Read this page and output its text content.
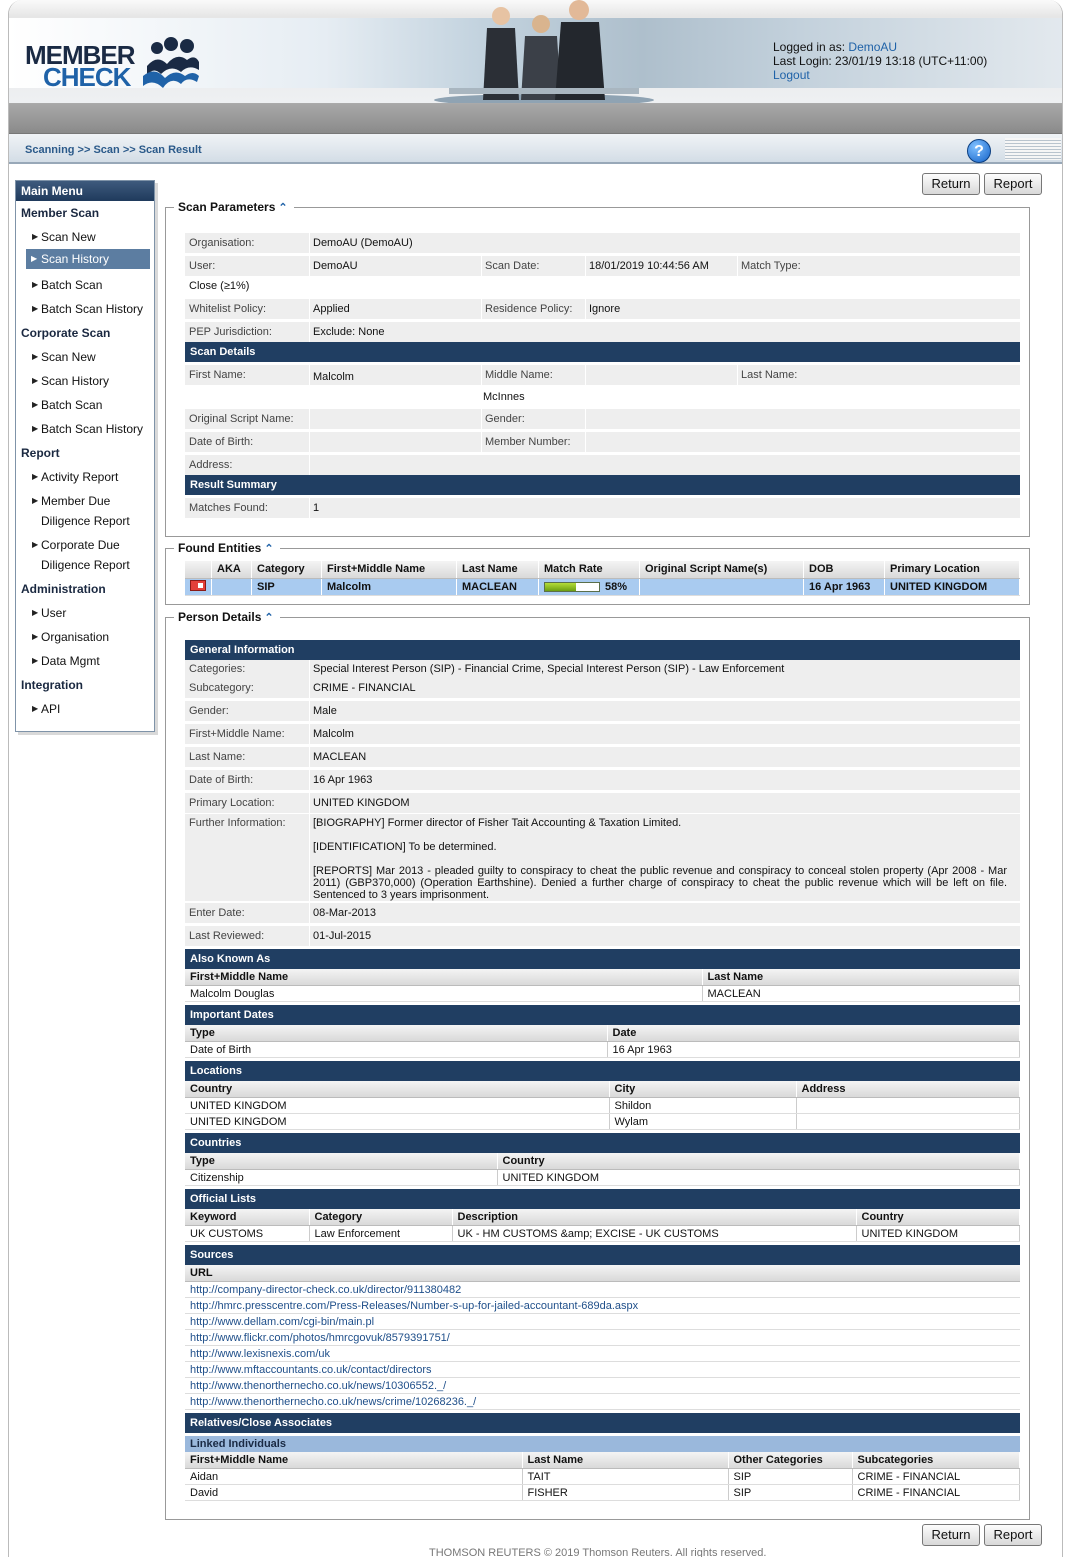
MEMBER
CHECK
Logged in as: DemoAU
Last Login: 23/01/19 13:18 (UTC+11:00)
Logout
Scanning >> Scan >> Scan Result	?
Main Menu
Member Scan
▶ Scan New
▶ Scan History
▶ Batch Scan
▶ Batch Scan History
Corporate Scan
▶ Scan New
▶ Scan History
▶ Batch Scan
▶ Batch Scan History
Report
▶ Activity Report
▶ Member Due Diligence Report
▶ Corporate Due Diligence Report
Administration
▶ User
▶ Organisation
▶ Data Mgmt
Integration
▶ API
Return	Report
Scan Parameters ⌃
Organisation:	DemoAU (DemoAU)
User:	DemoAU	Scan Date:	18/01/2019 10:44:56 AM	Match Type:
Close (≥1%)
Whitelist Policy:	Applied	Residence Policy: Ignore
PEP Jurisdiction:	Exclude: None
Scan Details
First Name:	Malcolm	Middle Name:	Last Name:
McInnes
Original Script Name:	Gender:
Date of Birth:	Member Number:
Address:
Result Summary
Matches Found:	1
Found Entities ⌃
	AKA	Category	First+Middle Name	Last Name	Match Rate	Original Script Name(s)	DOB	Primary Location

		SIP	Malcolm	MACLEAN	58%		16 Apr 1963	UNITED KINGDOM
Person Details ⌃
General Information
Categories:	Special Interest Person (SIP) - Financial Crime, Special Interest Person (SIP) - Law Enforcement
Subcategory:	CRIME - FINANCIAL
Gender:	Male
First+Middle Name:	Malcolm
Last Name:	MACLEAN
Date of Birth:	16 Apr 1963
Primary Location:	UNITED KINGDOM
Further Information: [BIOGRAPHY] Former director of Fisher Tait Accounting & Taxation Limited.
[IDENTIFICATION] To be determined.
[REPORTS] Mar 2013 - pleaded guilty to conspiracy to cheat the public revenue and conspiracy to conceal stolen property (Apr 2008 - Mar 2011) (GBP370,000) (Operation Earthshine). Denied a further charge of conspiracy to cheat the public revenue which will be left on file. Sentenced to 3 years imprisonment.
Enter Date:	08-Mar-2013
Last Reviewed:	01-Jul-2015
Also Known As
First+Middle Name	Last Name
Malcolm Douglas	MACLEAN
Important Dates
Type	Date
Date of Birth	16 Apr 1963
Locations
Country	City	Address
UNITED KINGDOM	Shildon	
UNITED KINGDOM	Wylam	
Countries
Type	Country
Citizenship	UNITED KINGDOM
Official Lists
Keyword	Category	Description	Country
UK CUSTOMS	Law Enforcement	UK - HM CUSTOMS &amp; EXCISE - UK CUSTOMS	UNITED KINGDOM
Sources
URL
http://company-director-check.co.uk/director/911380482
http://hmrc.presscentre.com/Press-Releases/Number-s-up-for-jailed-accountant-689da.aspx
http://www.dellam.com/cgi-bin/main.pl
http://www.flickr.com/photos/hmrcgovuk/8579391751/
http://www.lexisnexis.com/uk
http://www.mftaccountants.co.uk/contact/directors
http://www.thenorthernecho.co.uk/news/10306552._/
http://www.thenorthernecho.co.uk/news/crime/10268236._/
Relatives/Close Associates
Linked Individuals
First+Middle Name	Last Name	Other Categories	Subcategories
Aidan	TAIT	SIP	CRIME - FINANCIAL
David	FISHER	SIP	CRIME - FINANCIAL
Return	Report
THOMSON REUTERS © 2019 Thomson Reuters. All rights reserved.
